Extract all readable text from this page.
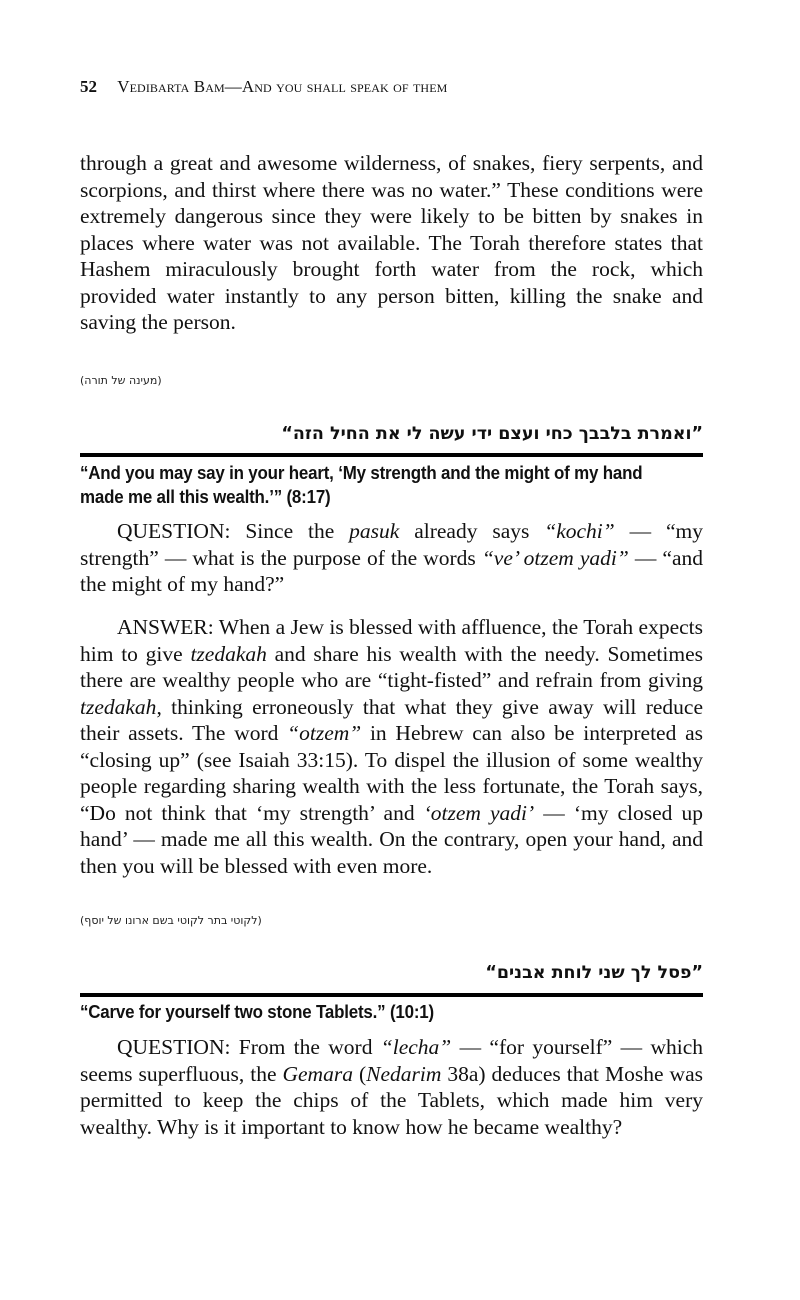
52 Vedibarta Bam—And you shall speak of them

through a great and awesome wilderness, of snakes, fiery serpents, and scorpions, and thirst where there was no water.” These conditions were extremely dangerous since they were likely to be bitten by snakes in places where water was not available. The Torah therefore states that Hashem miraculously brought forth water from the rock, which provided water instantly to any person bitten, killing the snake and saving the person.

(מעינה של תורה)
”ואמרת בלבבך כחי ועצם ידי עשה לי את החיל הזה“
“And you may say in your heart, ‘My strength and the might of my hand made me all this wealth.’” (8:17)

QUESTION: Since the pasuk already says “kochi” — “my strength” — what is the purpose of the words “ve’ otzem yadi” — “and the might of my hand?”

ANSWER: When a Jew is blessed with affluence, the Torah expects him to give tzedakah and share his wealth with the needy. Sometimes there are wealthy people who are “tight-fisted” and refrain from giving tzedakah, thinking erroneously that what they give away will reduce their assets. The word “otzem” in Hebrew can also be interpreted as “closing up” (see Isaiah 33:15). To dispel the illusion of some wealthy people regarding sharing wealth with the less fortunate, the Torah says, “Do not think that ‘my strength’ and ‘otzem yadi’ — ‘my closed up hand’ — made me all this wealth. On the contrary, open your hand, and then you will be blessed with even more.

(לקוטי בתר לקוטי בשם ארונו של יוסף)
”פסל לך שני לוחת אבנים“
“Carve for yourself two stone Tablets.” (10:1)

QUESTION: From the word “lecha” — “for yourself” — which seems superfluous, the Gemara (Nedarim 38a) deduces that Moshe was permitted to keep the chips of the Tablets, which made him very wealthy. Why is it important to know how he became wealthy?
